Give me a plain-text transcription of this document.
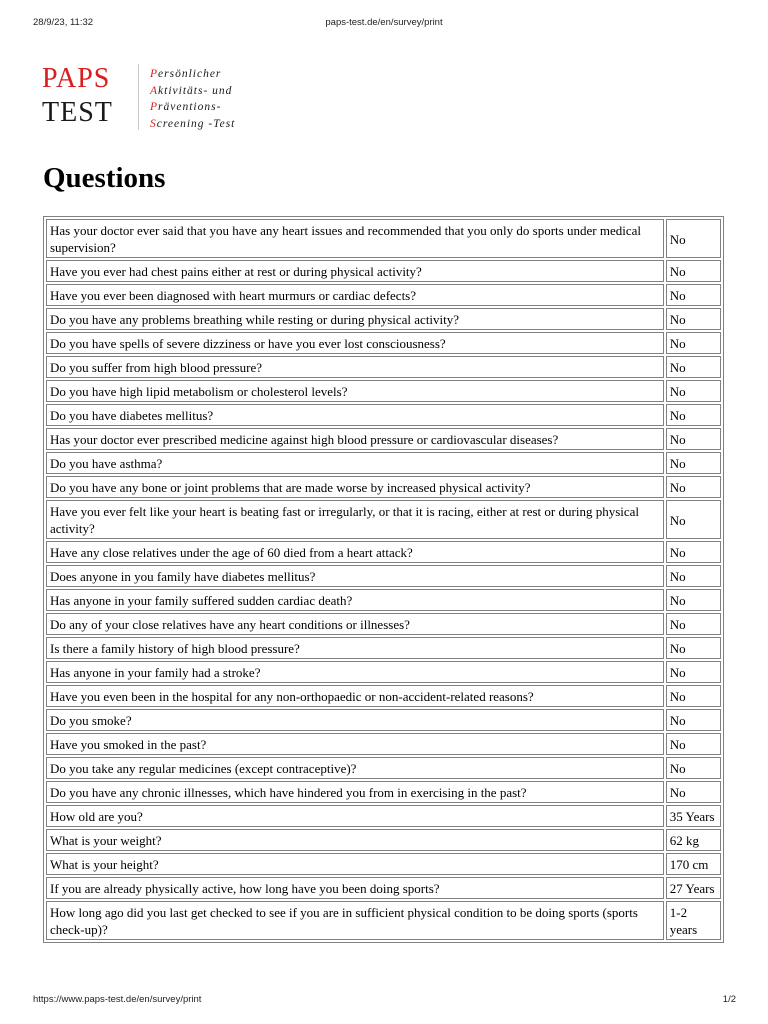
28/9/23, 11:32	paps-test.de/en/survey/print
PAPS
TEST
Persönlicher
Aktivitäts- und
Präventions-
Screening -Test
Questions
Has your doctor ever said that you have any heart issues and recommended that you only do sports under medical supervision?	No
Have you ever had chest pains either at rest or during physical activity?	No
Have you ever been diagnosed with heart murmurs or cardiac defects?	No
Do you have any problems breathing while resting or during physical activity?	No
Do you have spells of severe dizziness or have you ever lost consciousness?	No
Do you suffer from high blood pressure?	No
Do you have high lipid metabolism or cholesterol levels?	No
Do you have diabetes mellitus?	No
Has your doctor ever prescribed medicine against high blood pressure or cardiovascular diseases?	No
Do you have asthma?	No
Do you have any bone or joint problems that are made worse by increased physical activity?	No
Have you ever felt like your heart is beating fast or irregularly, or that it is racing, either at rest or during physical activity?	No
Have any close relatives under the age of 60 died from a heart attack?	No
Does anyone in you family have diabetes mellitus?	No
Has anyone in your family suffered sudden cardiac death?	No
Do any of your close relatives have any heart conditions or illnesses?	No
Is there a family history of high blood pressure?	No
Has anyone in your family had a stroke?	No
Have you even been in the hospital for any non-orthopaedic or non-accident-related reasons?	No
Do you smoke?	No
Have you smoked in the past?	No
Do you take any regular medicines (except contraceptive)?	No
Do you have any chronic illnesses, which have hindered you from in exercising in the past?	No
How old are you?	35 Years
What is your weight?	62 kg
What is your height?	170 cm
If you are already physically active, how long have you been doing sports?	27 Years
How long ago did you last get checked to see if you are in sufficient physical condition to be doing sports (sports check-up)?	1-2 years
https://www.paps-test.de/en/survey/print	1/2
